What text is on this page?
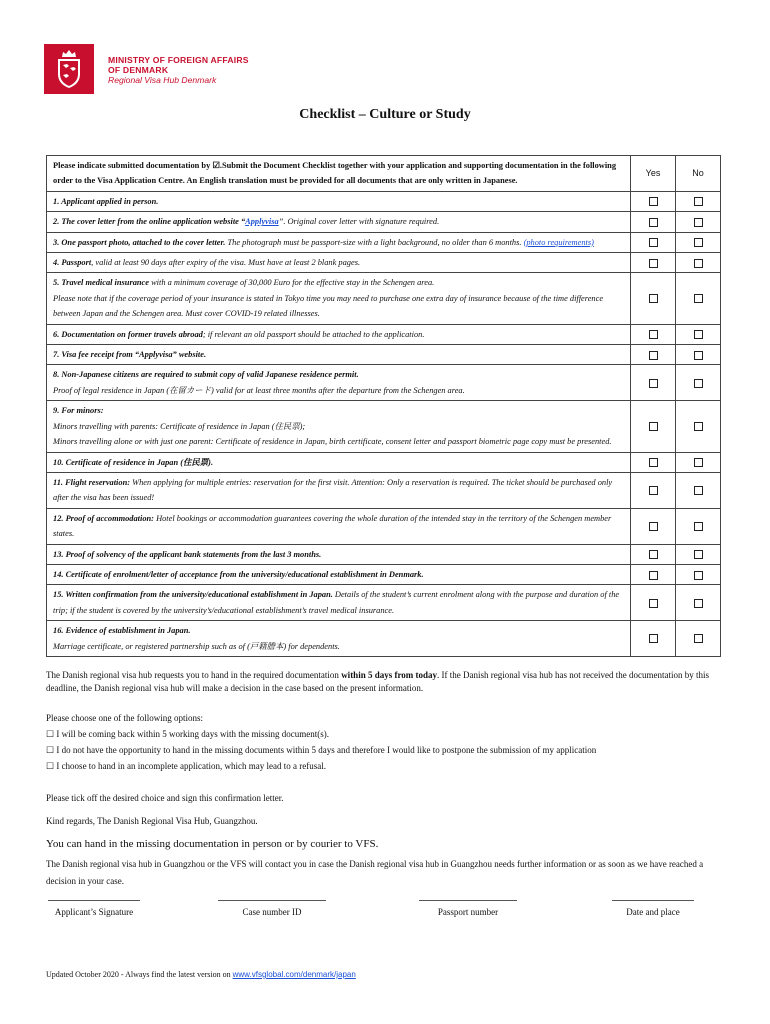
MINISTRY OF FOREIGN AFFAIRS
OF DENMARK
Regional Visa Hub Denmark
Checklist – Culture or Study
Please indicate submitted documentation by ☑.Submit the Document Checklist together with your application and supporting documentation in the following order to the Visa Application Centre. An English translation must be provided for all documents that are only written in Japanese.	Yes	No
1. Applicant applied in person.		
2. The cover letter from the online application website “Applyvisa”. Original cover letter with signature required.		
3. One passport photo, attached to the cover letter. The photograph must be passport-size with a light background, no older than 6 months. (photo requirements)		
4. Passport, valid at least 90 days after expiry of the visa. Must have at least 2 blank pages.		
5. Travel medical insurance with a minimum coverage of 30,000 Euro for the effective stay in the Schengen area.
Please note that if the coverage period of your insurance is stated in Tokyo time you may need to purchase one extra day of insurance because of the time difference between Japan and the Schengen area. Must cover COVID-19 related illnesses.		
6. Documentation on former travels abroad; if relevant an old passport should be attached to the application.		
7. Visa fee receipt from “Applyvisa” website.		
8. Non-Japanese citizens are required to submit copy of valid Japanese residence permit.
Proof of legal residence in Japan (在留カード) valid for at least three months after the departure from the Schengen area.		
9. For minors:
Minors travelling with parents: Certificate of residence in Japan (住民票);
Minors travelling alone or with just one parent: Certificate of residence in Japan, birth certificate, consent letter and passport biometric page copy must be presented.		
10. Certificate of residence in Japan (住民票).		
11. Flight reservation: When applying for multiple entries: reservation for the first visit. Attention: Only a reservation is required. The ticket should be purchased only after the visa has been issued!		
12. Proof of accommodation: Hotel bookings or accommodation guarantees covering the whole duration of the intended stay in the territory of the Schengen member states.		
13. Proof of solvency of the applicant bank statements from the last 3 months.		
14. Certificate of enrolment/letter of acceptance from the university/educational establishment in Denmark.		
15. Written confirmation from the university/educational establishment in Japan. Details of the student’s current enrolment along with the purpose and duration of the trip; if the student is covered by the university’s/educational establishment’s travel medical insurance.		
16. Evidence of establishment in Japan.
Marriage certificate, or registered partnership such as of (戸籍謄本) for dependents.		
The Danish regional visa hub requests you to hand in the required documentation within 5 days from today. If the Danish regional visa hub has not received the documentation by this deadline, the Danish regional visa hub will make a decision in the case based on the present information.
Please choose one of the following options:
☐ I will be coming back within 5 working days with the missing document(s).
☐ I do not have the opportunity to hand in the missing documents within 5 days and therefore I would like to postpone the submission of my application
☐ I choose to hand in an incomplete application, which may lead to a refusal.
Please tick off the desired choice and sign this confirmation letter.
Kind regards, The Danish Regional Visa Hub, Guangzhou.
You can hand in the missing documentation in person or by courier to VFS.
The Danish regional visa hub in Guangzhou or the VFS will contact you in case the Danish regional visa hub in Guangzhou needs further information or as soon as we have reached a decision in your case.
Applicant’s Signature	Case number ID	Passport number	Date and place
Updated October 2020 - Always find the latest version on www.vfsglobal.com/denmark/japan
